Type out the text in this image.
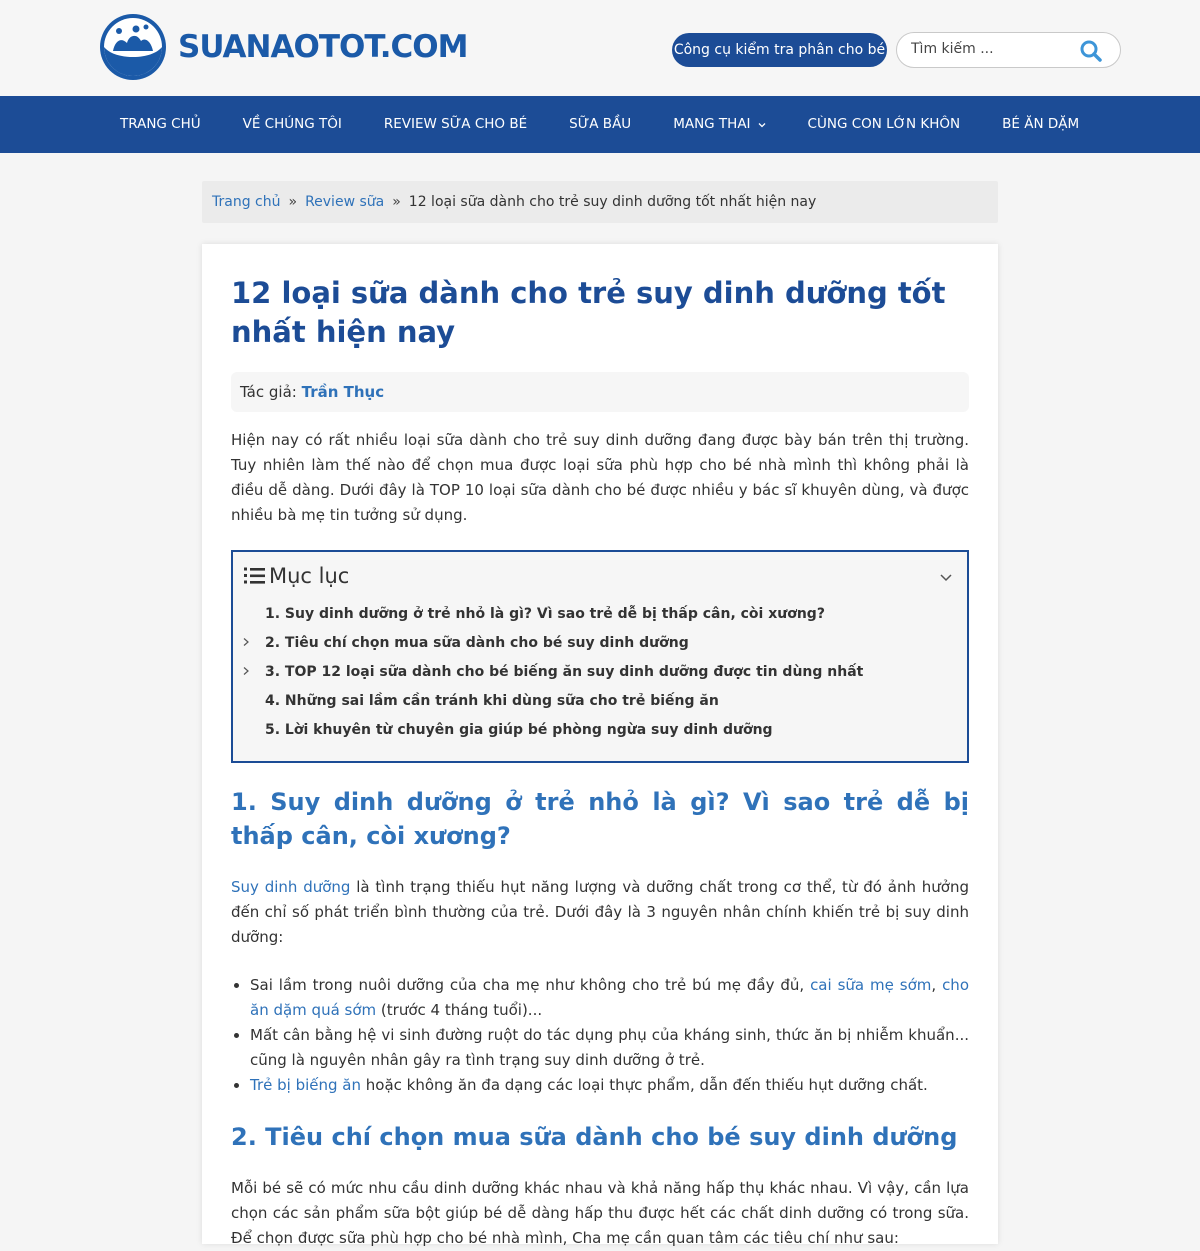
SUANAOTOT.COM	Công cụ kiểm tra phân cho bé
Tìm kiếm ...
TRANG CHỦ	VỀ CHÚNG TÔI	REVIEW SỮA CHO BÉ	SỮA BẦU	MANG THAI	CÙNG CON LỚN KHÔN	BÉ ĂN DẶM
Trang chủ » Review sữa » 12 loại sữa dành cho trẻ suy dinh dưỡng tốt nhất hiện nay
12 loại sữa dành cho trẻ suy dinh dưỡng tốt nhất hiện nay
Tác giả: Trần Thục

Hiện nay có rất nhiều loại sữa dành cho trẻ suy dinh dưỡng đang được bày bán trên thị trường. Tuy nhiên làm thế nào để chọn mua được loại sữa phù hợp cho bé nhà mình thì không phải là điều dễ dàng. Dưới đây là TOP 10 loại sữa dành cho bé được nhiều y bác sĩ khuyên dùng, và được nhiều bà mẹ tin tưởng sử dụng.

Mục lục
1. Suy dinh dưỡng ở trẻ nhỏ là gì? Vì sao trẻ dễ bị thấp cân, còi xương?
2. Tiêu chí chọn mua sữa dành cho bé suy dinh dưỡng
3. TOP 12 loại sữa dành cho bé biếng ăn suy dinh dưỡng được tin dùng nhất
4. Những sai lầm cần tránh khi dùng sữa cho trẻ biếng ăn
5. Lời khuyên từ chuyên gia giúp bé phòng ngừa suy dinh dưỡng
1. Suy dinh dưỡng ở trẻ nhỏ là gì? Vì sao trẻ dễ bị thấp cân, còi xương?

Suy dinh dưỡng là tình trạng thiếu hụt năng lượng và dưỡng chất trong cơ thể, từ đó ảnh hưởng đến chỉ số phát triển bình thường của trẻ. Dưới đây là 3 nguyên nhân chính khiến trẻ bị suy dinh dưỡng:

• Sai lầm trong nuôi dưỡng của cha mẹ như không cho trẻ bú mẹ đầy đủ, cai sữa mẹ sớm, cho ăn dặm quá sớm (trước 4 tháng tuổi)...
• Mất cân bằng hệ vi sinh đường ruột do tác dụng phụ của kháng sinh, thức ăn bị nhiễm khuẩn... cũng là nguyên nhân gây ra tình trạng suy dinh dưỡng ở trẻ.
• Trẻ bị biếng ăn hoặc không ăn đa dạng các loại thực phẩm, dẫn đến thiếu hụt dưỡng chất.
2. Tiêu chí chọn mua sữa dành cho bé suy dinh dưỡng

Mỗi bé sẽ có mức nhu cầu dinh dưỡng khác nhau và khả năng hấp thụ khác nhau. Vì vậy, cần lựa chọn các sản phẩm sữa bột giúp bé dễ dàng hấp thu được hết các chất dinh dưỡng có trong sữa. Để chọn được sữa phù hợp cho bé nhà mình, Cha mẹ cần quan tâm các tiêu chí như sau:
